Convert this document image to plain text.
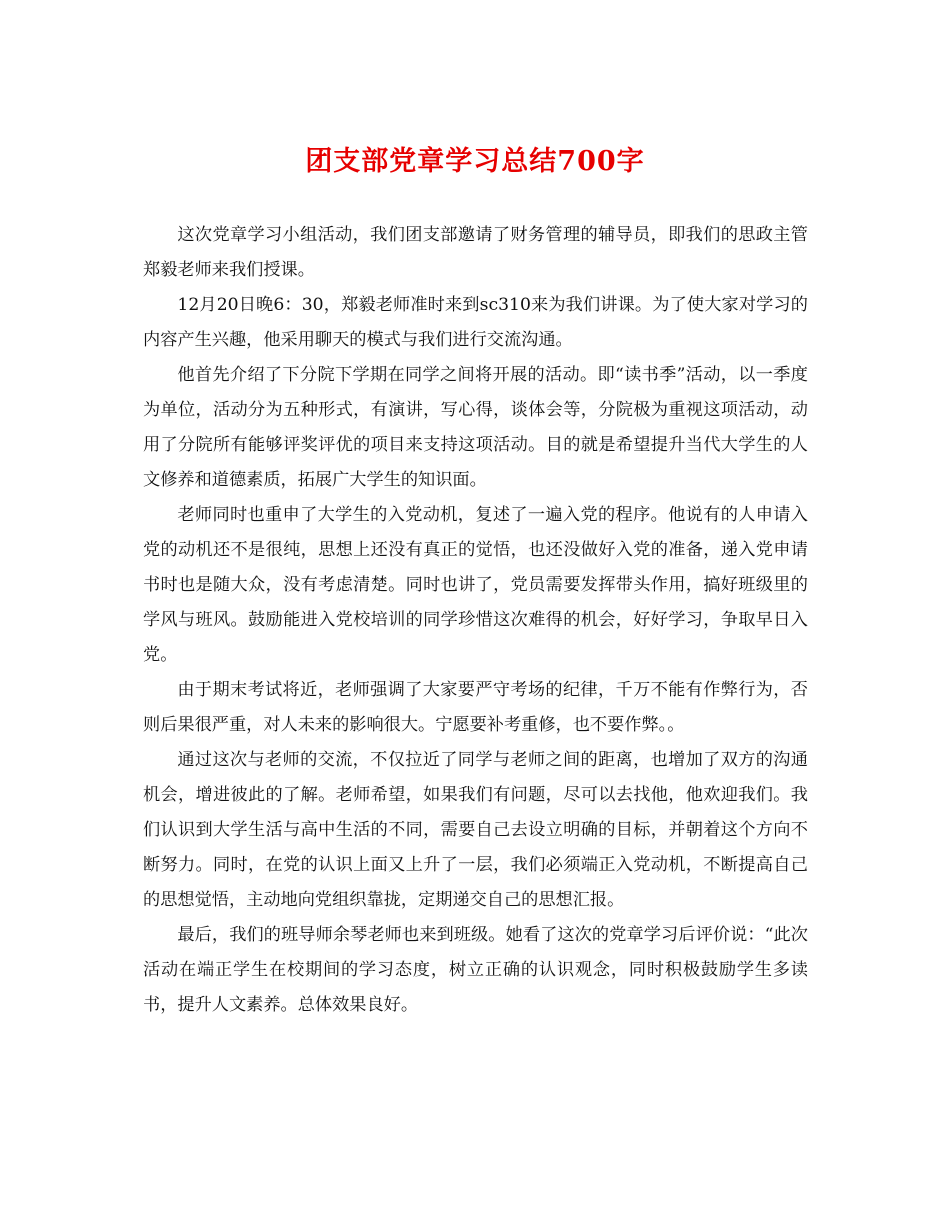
团支部党章学习总结700字

这次党章学习小组活动，我们团支部邀请了财务管理的辅导员，即我们的思政主管郑毅老师来我们授课。

12月20日晚6：30，郑毅老师准时来到sc310来为我们讲课。为了使大家对学习的内容产生兴趣，他采用聊天的模式与我们进行交流沟通。

他首先介绍了下分院下学期在同学之间将开展的活动。即“读书季”活动，以一季度为单位，活动分为五种形式，有演讲，写心得，谈体会等，分院极为重视这项活动，动用了分院所有能够评奖评优的项目来支持这项活动。目的就是希望提升当代大学生的人文修养和道德素质，拓展广大学生的知识面。

老师同时也重申了大学生的入党动机，复述了一遍入党的程序。他说有的人申请入党的动机还不是很纯，思想上还没有真正的觉悟，也还没做好入党的准备，递入党申请书时也是随大众，没有考虑清楚。同时也讲了，党员需要发挥带头作用，搞好班级里的学风与班风。鼓励能进入党校培训的同学珍惜这次难得的机会，好好学习，争取早日入党。

由于期末考试将近，老师强调了大家要严守考场的纪律，千万不能有作弊行为，否则后果很严重，对人未来的影响很大。宁愿要补考重修，也不要作弊。。

通过这次与老师的交流，不仅拉近了同学与老师之间的距离，也增加了双方的沟通机会，增进彼此的了解。老师希望，如果我们有问题，尽可以去找他，他欢迎我们。我们认识到大学生活与高中生活的不同，需要自己去设立明确的目标，并朝着这个方向不断努力。同时，在党的认识上面又上升了一层，我们必须端正入党动机，不断提高自己的思想觉悟，主动地向党组织靠拢，定期递交自己的思想汇报。

最后，我们的班导师余琴老师也来到班级。她看了这次的党章学习后评价说：“此次活动在端正学生在校期间的学习态度，树立正确的认识观念，同时积极鼓励学生多读书，提升人文素养。总体效果良好。
